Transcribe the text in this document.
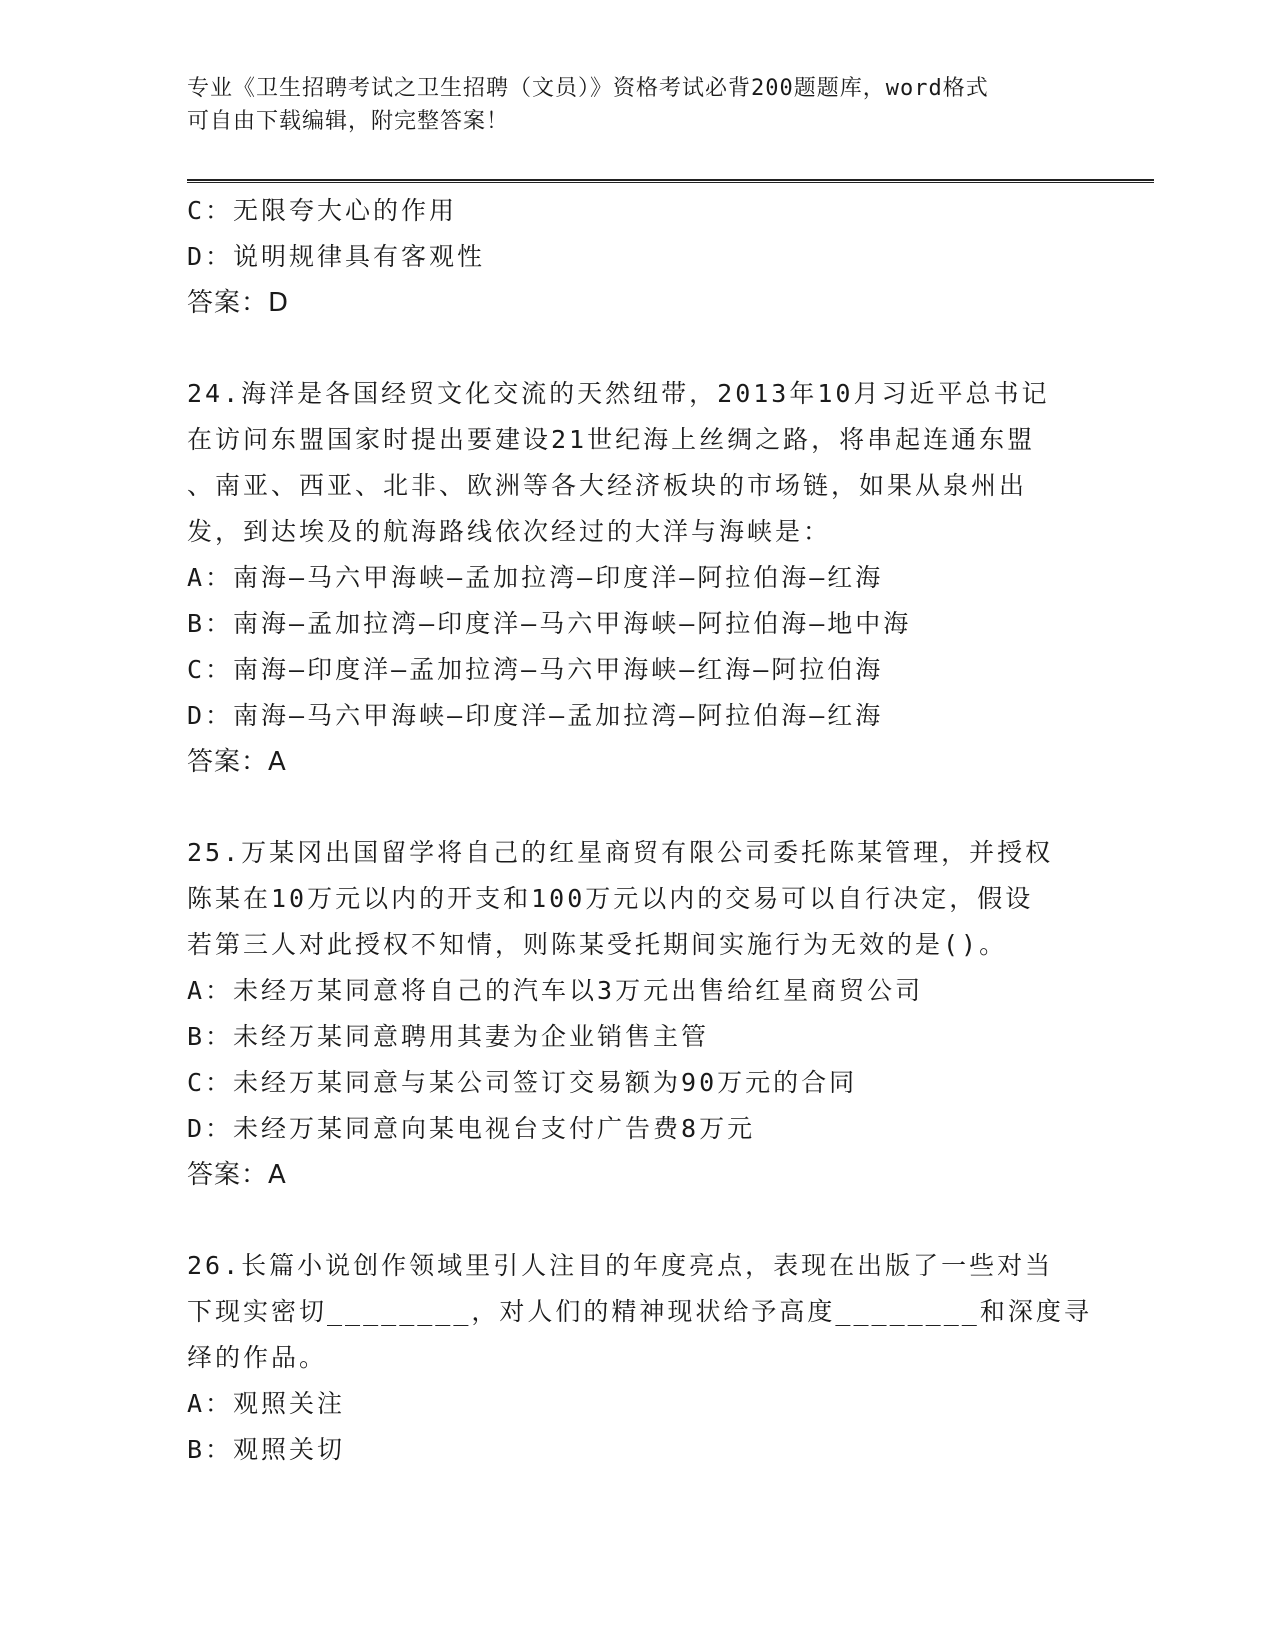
专业《卫生招聘考试之卫生招聘（文员）》资格考试必背200题题库，word格式
可自由下载编辑，附完整答案！
C：无限夸大心的作用
D：说明规律具有客观性
答案：D
24.海洋是各国经贸文化交流的天然纽带，2013年10月习近平总书记
在访问东盟国家时提出要建设21世纪海上丝绸之路，将串起连通东盟
、南亚、西亚、北非、欧洲等各大经济板块的市场链，如果从泉州出
发，到达埃及的航海路线依次经过的大洋与海峡是：
A：南海—马六甲海峡—孟加拉湾—印度洋—阿拉伯海—红海
B：南海—孟加拉湾—印度洋—马六甲海峡—阿拉伯海—地中海
C：南海—印度洋—孟加拉湾—马六甲海峡—红海—阿拉伯海
D：南海—马六甲海峡—印度洋—孟加拉湾—阿拉伯海—红海
答案：A
25.万某冈出国留学将自己的红星商贸有限公司委托陈某管理，并授权
陈某在10万元以内的开支和100万元以内的交易可以自行决定，假设
若第三人对此授权不知情，则陈某受托期间实施行为无效的是()。
A：未经万某同意将自己的汽车以3万元出售给红星商贸公司
B：未经万某同意聘用其妻为企业销售主管
C：未经万某同意与某公司签订交易额为90万元的合同
D：未经万某同意向某电视台支付广告费8万元
答案：A
26.长篇小说创作领域里引人注目的年度亮点，表现在出版了一些对当
下现实密切________，对人们的精神现状给予高度________和深度寻
绎的作品。
A：观照关注
B：观照关切
